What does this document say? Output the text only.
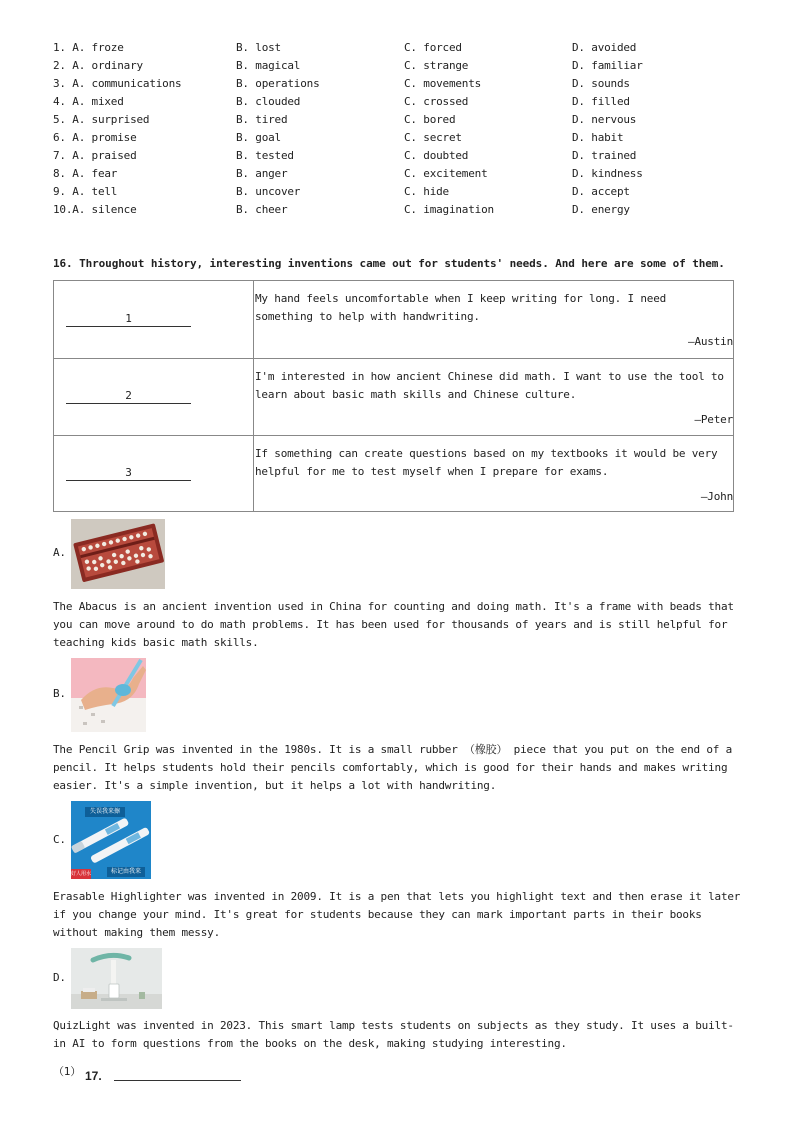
1. A. froze	B. lost	C. forced	D. avoided
2. A. ordinary	B. magical	C. strange	D. familiar
3. A. communications	B. operations	C. movements	D. sounds
4. A. mixed	B. clouded	C. crossed	D. filled
5. A. surprised	B. tired	C. bored	D. nervous
6. A. promise	B. goal	C. secret	D. habit
7. A. praised	B. tested	C. doubted	D. trained
8. A. fear	B. anger	C. excitement	D. kindness
9. A. tell	B. uncover	C. hide	D. accept
10.A. silence	B. cheer	C. imagination	D. energy
16. Throughout history, interesting inventions came out for students' needs. And here are some of them.
1
My hand feels uncomfortable when I keep writing for long. I need something to help with handwriting.
—Austin
2
I'm interested in how ancient Chinese did math. I want to use the tool to learn about basic math skills and Chinese culture.
—Peter
3
If something can create questions based on my textbooks it would be very helpful for me to test myself when I prepare for exams.
—John
A.
The Abacus is an ancient invention used in China for counting and doing math. It's a frame with beads that you can move around to do math problems. It has been used for thousands of years and is still helpful for teaching kids basic math skills.
B.
The Pencil Grip was invented in the 1980s. It is a small rubber （橡胶） piece that you put on the end of a pencil. It helps students hold their pencils comfortably, which is good for their hands and makes writing easier. It's a simple invention, but it helps a lot with handwriting.
C.
失误我来擦
好人用水笔
标记由我来
Erasable Highlighter was invented in 2009. It is a pen that lets you highlight text and then erase it later if you change your mind. It's great for students because they can mark important parts in their books without making them messy.
D.
QuizLight was invented in 2023. This smart lamp tests students on subjects as they study. It uses a built-in AI to form questions from the books on the desk, making studying interesting.
（1） 17.
